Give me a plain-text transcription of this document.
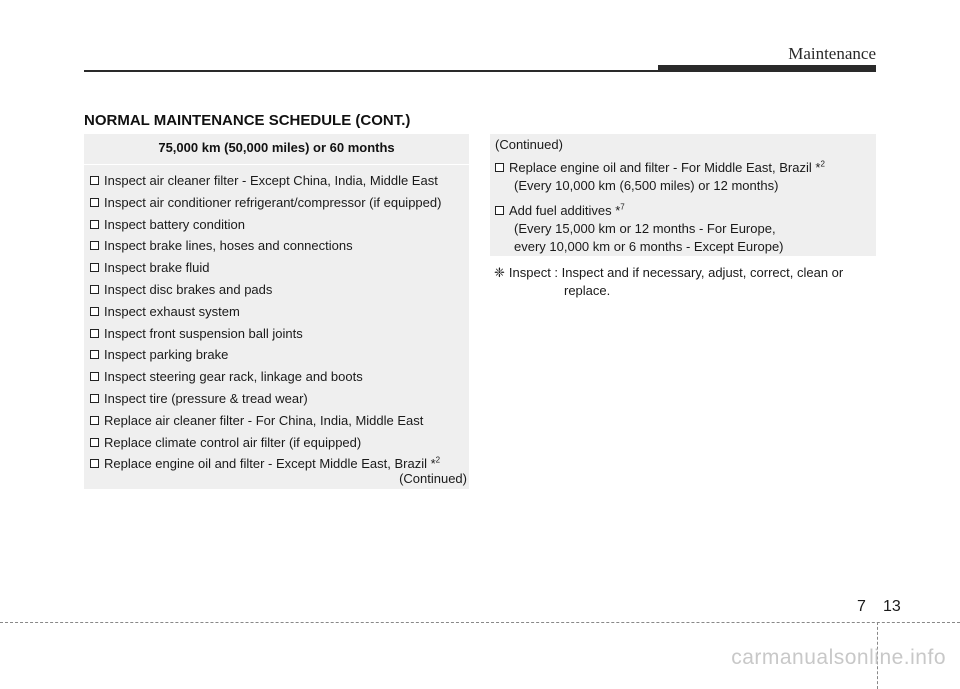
Maintenance
NORMAL MAINTENANCE SCHEDULE (CONT.)
75,000 km (50,000 miles) or 60 months
Inspect air cleaner filter - Except China, India, Middle East
Inspect air conditioner refrigerant/compressor (if equipped)
Inspect battery condition
Inspect brake lines, hoses and connections
Inspect brake fluid
Inspect disc brakes and pads
Inspect exhaust system
Inspect front suspension ball joints
Inspect parking brake
Inspect steering gear rack, linkage and boots
Inspect tire (pressure & tread wear)
Replace air cleaner filter - For China, India, Middle East
Replace climate control air filter (if equipped)
Replace engine oil and filter - Except Middle East, Brazil *$^2$
(Continued)
(Continued)
Replace engine oil and filter - For Middle East, Brazil *$^2$
(Every 10,000 km (6,500 miles) or 12 months)
Add fuel additives *$^7$
(Every 15,000 km or 12 months - For Europe,
every 10,000 km or 6 months - Except Europe)
❈ Inspect : Inspect and if necessary, adjust, correct, clean or
replace.
7 13
carmanualsonline.info
